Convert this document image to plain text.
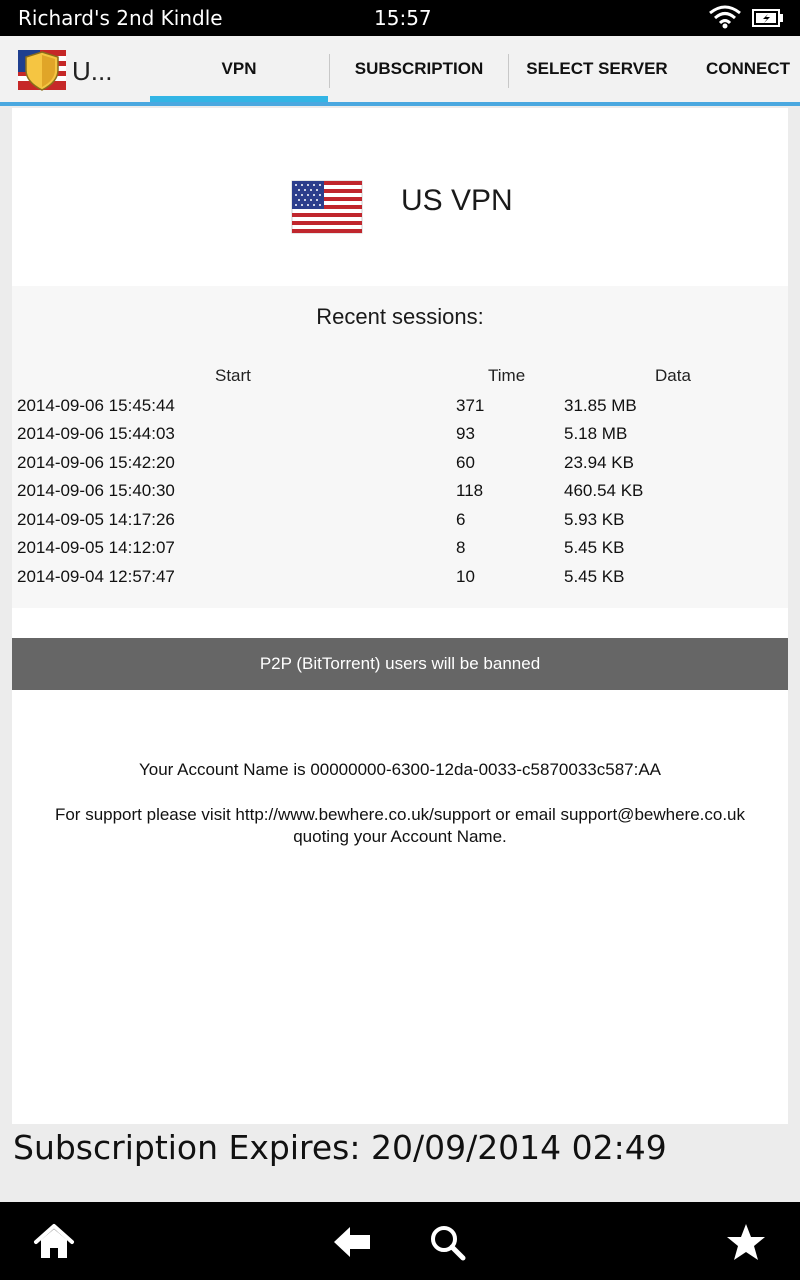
Richard's 2nd Kindle	15:57
U...	VPN	SUBSCRIPTION	SELECT SERVER CONNECT
US VPN
Recent sessions:
Start	Time	Data
2014-09-06 15:45:44	371	31.85 MB
2014-09-06 15:44:03	93	5.18 MB
2014-09-06 15:42:20	60	23.94 KB
2014-09-06 15:40:30	118	460.54 KB
2014-09-05 14:17:26	6	5.93 KB
2014-09-05 14:12:07	8	5.45 KB
2014-09-04 12:57:47	10	5.45 KB
P2P (BitTorrent) users will be banned
Your Account Name is 00000000-6300-12da-0033-c5870033c587:AA
For support please visit http://www.bewhere.co.uk/support or email support@bewhere.co.uk quoting your Account Name.
Subscription Expires: 20/09/2014 02:49
